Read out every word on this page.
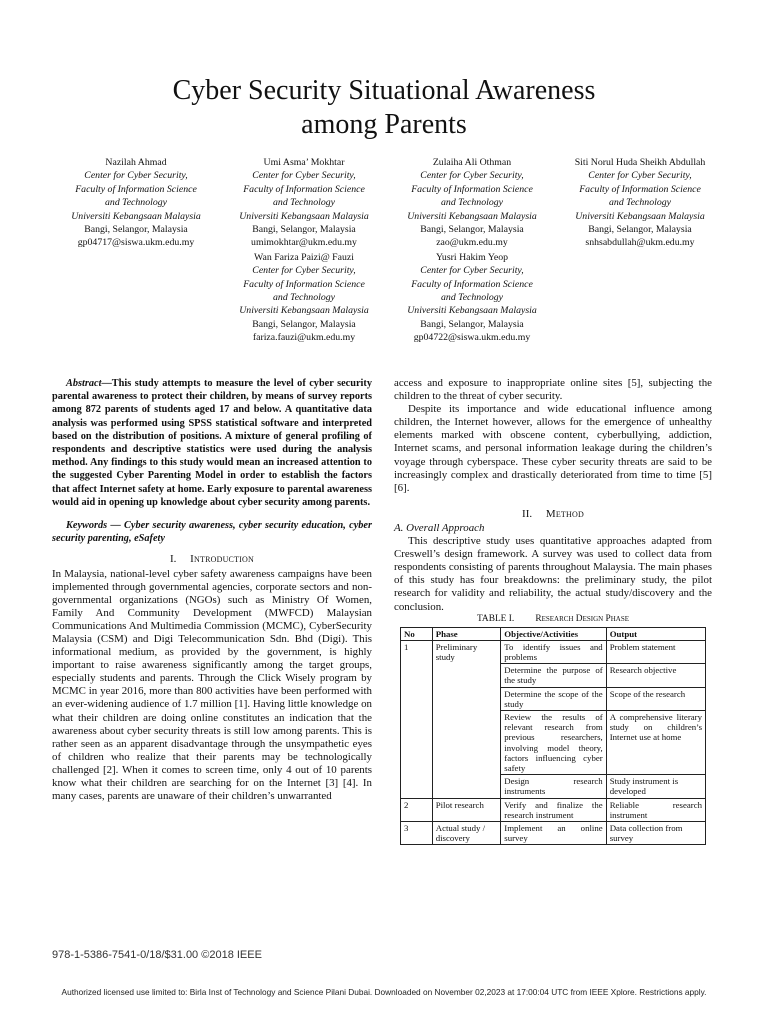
Cyber Security Situational Awareness
among Parents
Nazilah Ahmad
Center for Cyber Security,
Faculty of Information Science
and Technology
Universiti Kebangsaan Malaysia
Bangi, Selangor, Malaysia
gp04717@siswa.ukm.edu.my
Umi Asma’ Mokhtar
Center for Cyber Security,
Faculty of Information Science
and Technology
Universiti Kebangsaan Malaysia
Bangi, Selangor, Malaysia
umimokhtar@ukm.edu.my
Zulaiha Ali Othman
Center for Cyber Security,
Faculty of Information Science
and Technology
Universiti Kebangsaan Malaysia
Bangi, Selangor, Malaysia
zao@ukm.edu.my
Siti Norul Huda Sheikh Abdullah
Center for Cyber Security,
Faculty of Information Science
and Technology
Universiti Kebangsaan Malaysia
Bangi, Selangor, Malaysia
snhsabdullah@ukm.edu.my
Wan Fariza Paizi@ Fauzi
Center for Cyber Security,
Faculty of Information Science
and Technology
Universiti Kebangsaan Malaysia
Bangi, Selangor, Malaysia
fariza.fauzi@ukm.edu.my
Yusri Hakim Yeop
Center for Cyber Security,
Faculty of Information Science
and Technology
Universiti Kebangsaan Malaysia
Bangi, Selangor, Malaysia
gp04722@siswa.ukm.edu.my

Abstract—This study attempts to measure the level of cyber security parental awareness to protect their children, by means of survey reports among 872 parents of students aged 17 and below. A quantitative data analysis was performed using SPSS statistical software and interpreted based on the distribution of positions. A mixture of general profiling of respondents and descriptive statistics were used during the analysis method. Any findings to this study would mean an increased attention to the suggested Cyber Parenting Model in order to establish the factors that affect Internet safety at home. Early exposure to parental awareness would aid in opening up knowledge about cyber security among parents.

Keywords — Cyber security awareness, cyber security education, cyber security parenting, eSafety

I. Introduction

In Malaysia, national-level cyber safety awareness campaigns have been implemented through governmental agencies, corporate sectors and non-governmental organizations (NGOs) such as Ministry Of Women, Family And Community Development (MWFCD) Malaysian Communications And Multimedia Commission (MCMC), CyberSecurity Malaysia (CSM) and Digi Telecommunication Sdn. Bhd (Digi). This informational medium, as provided by the government, is highly important to raise awareness significantly among the target groups, especially students and parents. Through the Click Wisely program by MCMC in year 2016, more than 800 activities have been performed with an ever-widening audience of 1.7 million [1]. Having little knowledge on what their children are doing online constitutes an indication that the awareness about cyber security threats is still low among parents. This is rather seen as an apparent disadvantage through the unsympathetic eyes of children who realize that their parents may be technologically challenged [2]. When it comes to screen time, only 4 out of 10 parents know what their children are searching for on the Internet [3] [4]. In many cases, parents are unaware of their children’s unwarranted

access and exposure to inappropriate online sites [5], subjecting the children to the threat of cyber security.

Despite its importance and wide educational influence among children, the Internet however, allows for the emergence of unhealthy elements marked with obscene content, cyberbullying, addiction, Internet scams, and personal information leakage during the children’s voyage through cyberspace. These cyber security threats are said to be increasingly complex and drastically deteriorated from time to time [5][6].

II. Method

A. Overall Approach

This descriptive study uses quantitative approaches adapted from Creswell’s design framework. A survey was used to collect data from respondents consisting of parents throughout Malaysia. The main phases of this study has four breakdowns: the preliminary study, the pilot research for validity and reliability, the actual study/discovery and the conclusion.

TABLE I. Research Design Phase
No	Phase	Objective/Activities	Output
1	Preliminary study	To identify issues and problems	Problem statement
		Determine the purpose of the study	Research objective
		Determine the scope of the study	Scope of the research
		Review the results of relevant research from previous researchers, involving model theory, factors influencing cyber safety	A comprehensive literary study on children’s Internet use at home
		Design research instruments	Study instrument is developed
2	Pilot research	Verify and finalize the research instrument	Reliable research instrument
3	Actual study / discovery	Implement an online survey	Data collection from survey
978-1-5386-7541-0/18/$31.00 ©2018 IEEE
Authorized licensed use limited to: Birla Inst of Technology and Science Pilani Dubai. Downloaded on November 02,2023 at 17:00:04 UTC from IEEE Xplore. Restrictions apply.
